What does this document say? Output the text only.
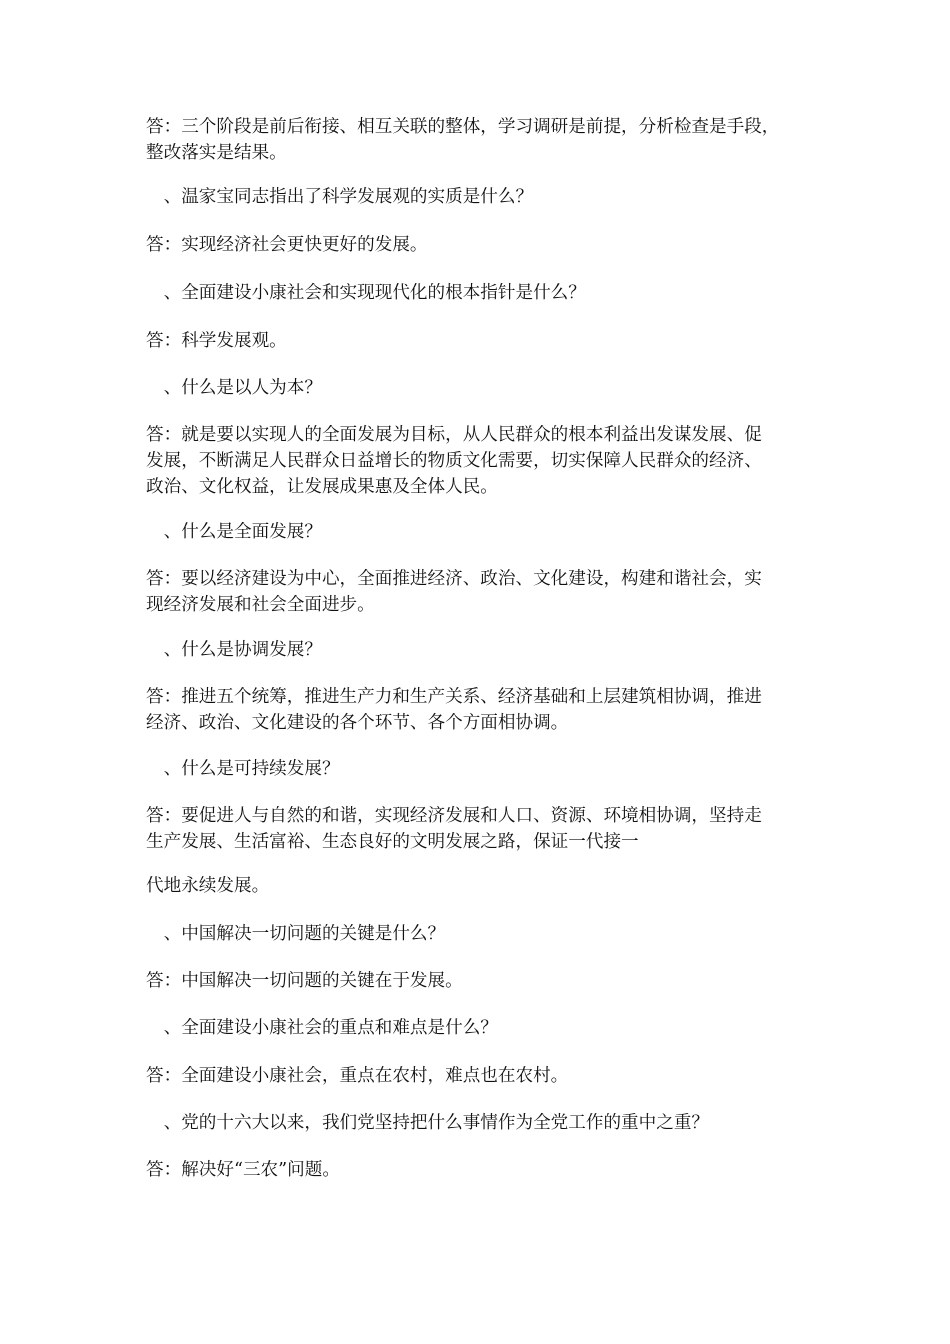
答：三个阶段是前后衔接、相互关联的整体，学习调研是前提，分析检查是手段，
整改落实是结果。

　、温家宝同志指出了科学发展观的实质是什么？

答：实现经济社会更快更好的发展。

　、全面建设小康社会和实现现代化的根本指针是什么？

答：科学发展观。

　、什么是以人为本？

答：就是要以实现人的全面发展为目标，从人民群众的根本利益出发谋发展、促
发展，不断满足人民群众日益增长的物质文化需要，切实保障人民群众的经济、
政治、文化权益，让发展成果惠及全体人民。

　、什么是全面发展？

答：要以经济建设为中心，全面推进经济、政治、文化建设，构建和谐社会，实
现经济发展和社会全面进步。

　、什么是协调发展？

答：推进五个统筹，推进生产力和生产关系、经济基础和上层建筑相协调，推进
经济、政治、文化建设的各个环节、各个方面相协调。

　、什么是可持续发展？

答：要促进人与自然的和谐，实现经济发展和人口、资源、环境相协调，坚持走
生产发展、生活富裕、生态良好的文明发展之路，保证一代接一

代地永续发展。

　、中国解决一切问题的关键是什么？

答：中国解决一切问题的关键在于发展。

　、全面建设小康社会的重点和难点是什么？

答：全面建设小康社会，重点在农村，难点也在农村。

　、党的十六大以来，我们党坚持把什么事情作为全党工作的重中之重？

答：解决好“三农”问题。
